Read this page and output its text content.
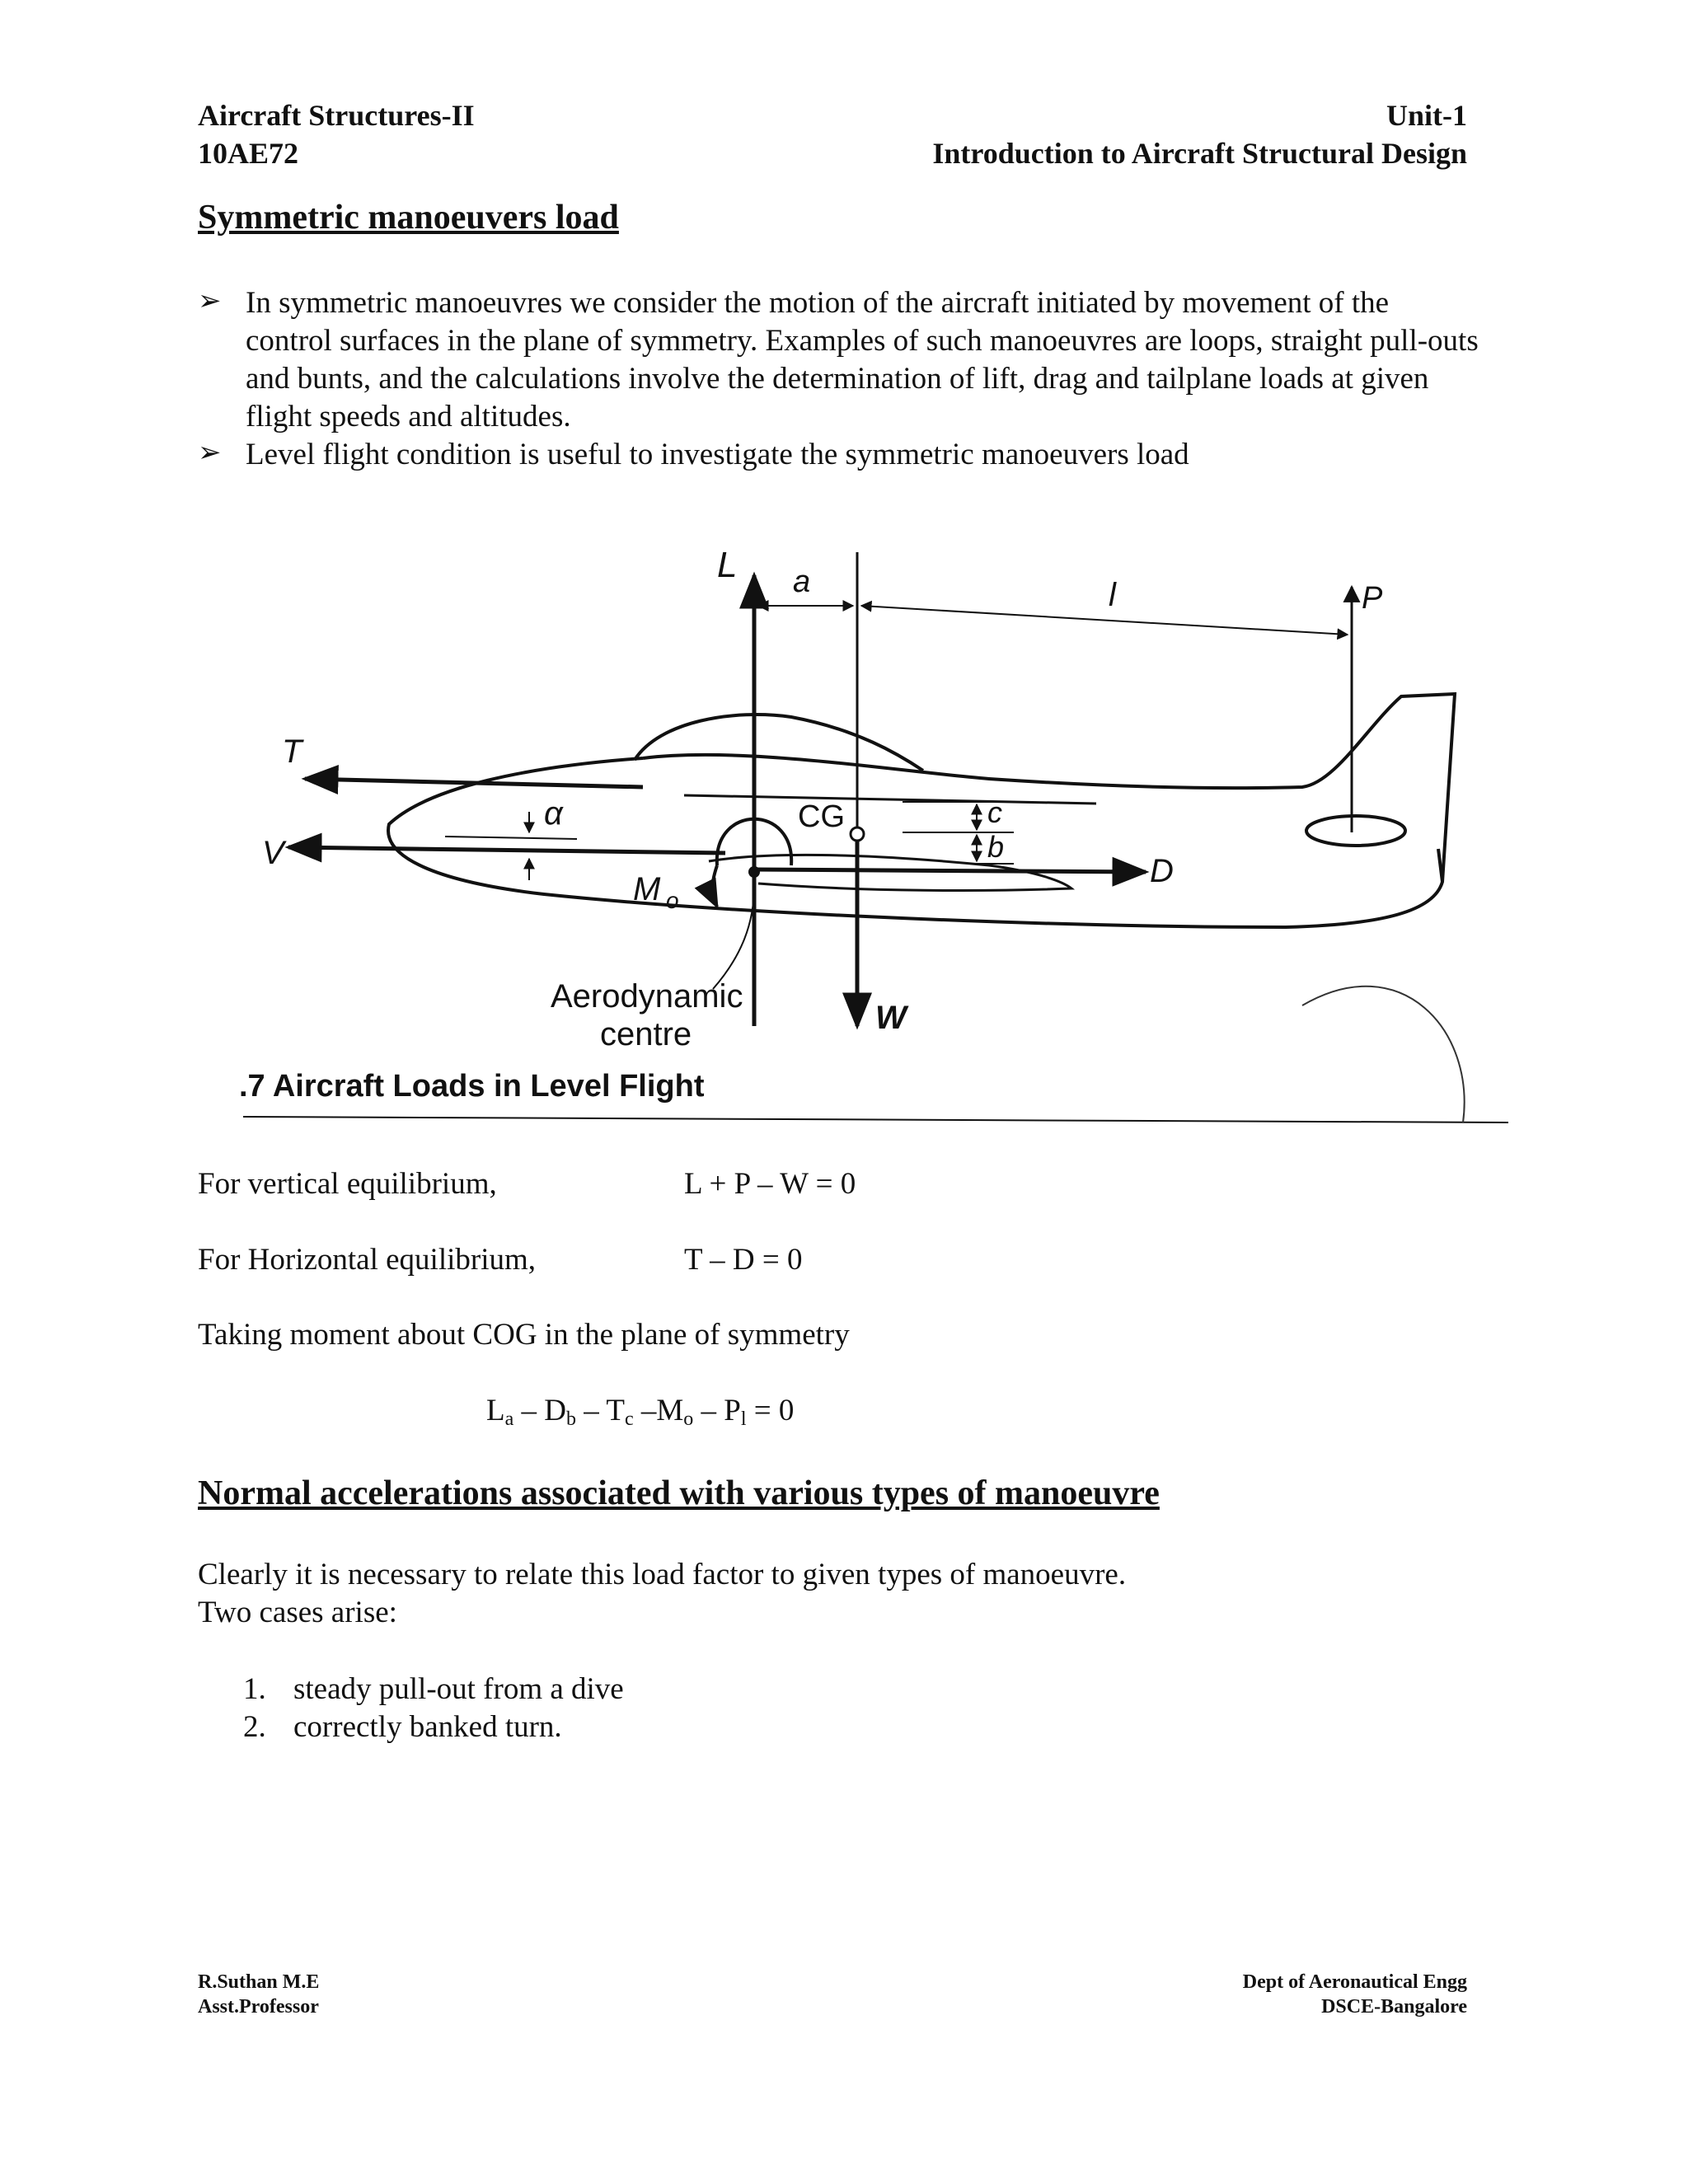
Aircraft Structures-II
10AE72
Unit-1
Introduction to Aircraft Structural Design
Symmetric manoeuvers load
➢ In symmetric manoeuvres we consider the motion of the aircraft initiated by movement of the control surfaces in the plane of symmetry. Examples of such manoeuvres are loops, straight pull-outs and bunts, and the calculations involve the determination of lift, drag and tailplane loads at given flight speeds and altitudes.
➢ Level flight condition is useful to investigate the symmetric manoeuvers load
L a	l	P
T
V
α	CG	c
b
D
M o
W
Aerodynamic
centre
.7 Aircraft Loads in Level Flight
For vertical equilibrium,	L + P – W = 0
For Horizontal equilibrium,	T – D = 0
Taking moment about COG in the plane of symmetry
$L_a - D_b - T_c$ $-M_o - P_l = 0$
Normal accelerations associated with various types of manoeuvre
Clearly it is necessary to relate this load factor to given types of manoeuvre.
Two cases arise:
1. steady pull-out from a dive
2. correctly banked turn.
R.Suthan M.E
Asst.Professor
Dept of Aeronautical Engg
DSCE-Bangalore
